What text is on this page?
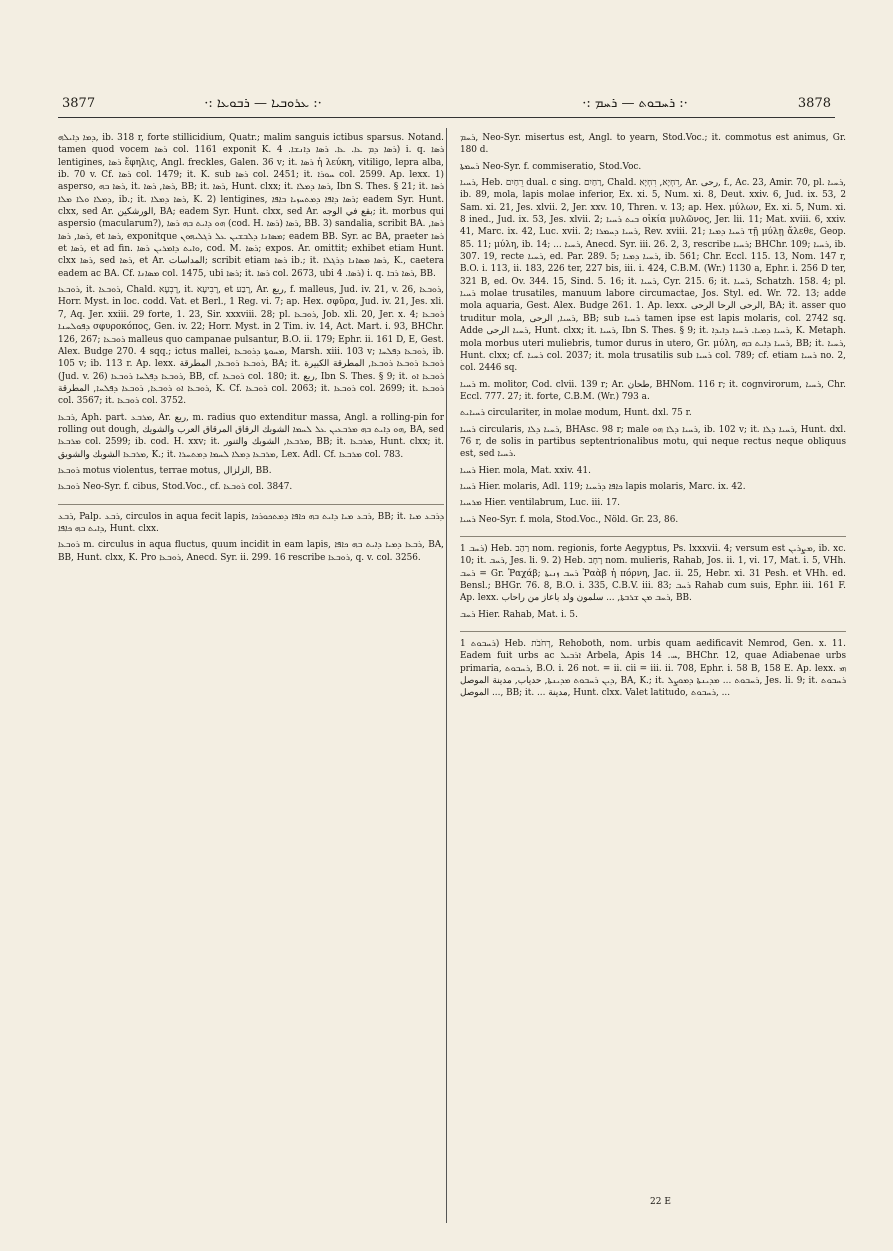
3877	·: ܥܪܘܒܝܐ — ܪܒܘܥܐ :·	·: ܪܚܒܘܬ — ܪܚܡ :·	3878

ܕܡܐ ܕܐܝܠܗ, ib. 318 r, forte stillicidium, Quatr.; malim sanguis ictibus sparsus. Notand. tamen quod vocem ܪܣܐ col. 1161 exponit K. ܪܣܐ ܕܡ ܥܐ. ܥܐ. ܪܣܐ ܕܐܢܫܐ. 4) i. q. ܪܣܐ lentigines, ܪܣܐ ἔφηλις, Angl. freckles, Galen. 36 v; it. ܪܣܐ ἡ λεύκη, vitiligo, lepra alba, ib. 70 v. Cf. ܪܣܐ col. 1479; it. K. sub ܪܣܐ col. 2451; it. ܚܘܪܐ col. 2599. Ap. lexx. 1) asperso, ܪܣܐ ܒܗ, it. ܪܣܐ, ܪܣܐ, BB; it. ܪܣܐ, Hunt. clxx; it. ܪܣܐ ܕܡܠܐ, Ibn S. Thes. § 21; it. ܪܣܐ ܕܡܠܐ ܘܠܐ ܡܠܐ, ib.; it. ܪܣܐ ܕܡܠܐ, K. 2) lentigines, ܪܣܐ ܕܐܦܐ ܕܡܬܚܙܝܐ ܒܐܦܐ; eadem Syr. Hunt. clxx, sed Ar. الورشكين, BA; eadem Syr. Hunt. clxx, sed Ar. بقع في الوجه; it. morbus qui aspersio (macularum?), ܗܘ ܕܐܝܬ ܒܗ ܪܣܐ (cod. H. ܪܣܐ) ܪܣܐ, BB. 3) sandalia, scribit BA. ܪܣܐ, ܪܣܐ, ܪܣܐ, et ܪܣܐ, exponitque ܡܣܐܢܐ ܕܠܒܫܝܢ ܥܠ ܪܓܠܝܗܘܢ; eadem BB. Syr. ac BA, praeter ܪܣܐ et ܪܣܐ, et ad fin. ܘܐܝܬ ܕܐܡܪܝܢ ܪܣܐ, cod. M. ܪܣܐ; expos. Ar. omittit; exhibet etiam Hunt. clxx ܪܣܐ, sed ܪܣܐ, et Ar. المداسات; scribit etiam ܪܣܐ ib.; it. ܪܣܐ ܡܣܐܢܐ ܕܪܓܠܐ, K., caetera eadem ac BA. Cf. ܡܣܐܢܐ col. 1475, ubi ܪܣܐ; it. ܪܣܐ col. 2673, ubi ܪܣܐ. 4) i. q. ܪܣܐ ܪܒܐ, BB.

ܪܘܒܥܐ, it. ܪܘܒܥܐ, Chald. רָבְעָא, it. רָבִיעָא, et רָבַע, Ar. ربع, f. malleus, Jud. iv. 21, v. 26, ܪܘܒܥܐ, Horr. Myst. in loc. codd. Vat. et Berl., 1 Reg. vi. 7; ap. Hex. σφῦρα, Jud. iv. 21, Jes. xli. 7, Aq. Jer. xxiii. 29 forte, 1. 23, Sir. xxxviii. 28; pl. ܪܘܒܥܐ, Job. xli. 20, Jer. x. 4; ܪܘܒܥܐ ܕܦܘܠܚܢܐ σφυροκόπος, Gen. iv. 22; Horr. Myst. in 2 Tim. iv. 14, Act. Mart. i. 93, BHChr. 126, 267; ܪܘܒܥܐ malleus quo campanae pulsantur, B.O. ii. 179; Ephr. ii. 161 D, E, Gest. Alex. Budge 270. 4 sqq.; ictus mallei, ܡܚܘܬܐ ܕܪܘܒܥܐ, Marsh. xiii. 103 v; ܪܘܒܥܐ ܕܦܠܚܐ, ib. 105 v; ib. 113 r. Ap. lexx. ܪܘܒܥܐ ܪܘܒܥܐ, المطرقة, BA; it. ܪܘܒܥܐ ܪܘܒܥܐ ܪܘܒܥܐ, المطرقة الكبيرة (Jud. v. 26) ܪܘܒܥܐ ܕܦܠܚܐ ܪܘܒܥܐ, BB, cf. ܪܘܒܥܐ col. 180; it. ربع, Ibn S. Thes. § 9; it. ܪܘܒܥܐ ܐܘ ܪܘܒܥܐ ܐܘ ܪܘܒܥܐ, ܪܘܒܥܐ ܕܦܠܚܐ, المطرقة, K. Cf. ܪܘܒܥܐ col. 2063; it. ܪܘܒܥܐ col. 2699; it. ܪܘܒܥܐ col. 3567; it. ܪܘܒܥܐ col. 3752.

ܪܒܥܐ, Aph. part. ܡܪܒܥ, Ar. ربع, m. radius quo extenditur massa, Angl. a rolling-pin for rolling out dough, ܗܘ ܕܐܝܬ ܒܗ ܡܪܒܥܝܢ ܥܠ ܠܚܡܐ الشوبك الرقاق المرقاق العرب والشويك, BA, sed ܡܪܒܥܐ col. 2599; ib. cod. H. xxv; it. ܡܪܒܥܐ, الشوبك والتنور, BB; it. ܡܪܒܥܐ, Hunt. clxx; it. ܡܪܒܥܐ الشوبك والشويق, K.; it. ܡܪܒܥܐ ܕܡܠܐ ܠܚܡܐ ܕܡܬܚܪܐ, Lex. Adl. Cf. ܡܪܒܥܐ col. 783.

ܪܘܒܥܐ motus violentus, terrae motus, الزلزال, BB.

ܪܘܒܥܐ Neo-Syr. f. cibus, Stod.Voc., cf. ܪܘܒܥܐ col. 3847.

ܪܒܥ, Palp. ܪܒܥ, circulos in aqua fecit lapis, ܪܒܥ ܡܝܐ ܕܐܝܬ ܒܗ ܟܐܦܐ ܕܡܬܟܘܪܟܐ, BB; it. ܕܪܒܥ ܡܝܐ ܕܐܝܬ ܒܗ ܟܐܦܐ, Hunt. clxx.

ܪܘܒܥܐ m. circulus in aqua fluctus, quum incidit in eam lapis, ܪܒܥܐ ܕܡܝܐ ܕܐܝܬ ܒܗ ܟܐܦܐ, BA, BB, Hunt. clxx, K. Pro ܪܘܒܥܐ, Anecd. Syr. ii. 299. 16 rescribe ܪܘܒܥܐ, q. v. col. 3256.

ܪܚܡ, Neo-Syr. misertus est, Angl. to yearn, Stod.Voc.; it. commotus est animus, Gr. 180 d.

ܪܚܡܬܐ Neo-Syr. f. commiseratio, Stod.Voc.

ܪܚܝܐ, Heb. רֵחַיִם dual. c sing. רַחַיִם, Chald. רֵחְיָא, רִחְיָא, Ar. رحى, f., Ac. 23, Amir. 70, pl. ܪܚܝܐ, ib. 89, mola, lapis molae inferior, Ex. xi. 5, Num. xi. 8, Deut. xxiv. 6, Jud. ix. 53, 2 Sam. xi. 21, Jes. xlvii. 2, Jer. xxv. 10, Thren. v. 13; ap. Hex. μύλων, Ex. xi. 5, Num. xi. 8 ined., Jud. ix. 53, Jes. xlvii. 2; ܒܝܬ ܪܚܝܐ οἰκία μυλῶνος, Jer. lii. 11; Mat. xviii. 6, xxiv. 41, Marc. ix. 42, Luc. xvii. 2; ܪܚܝܐ ܕܚܡܪܐ, Rev. xviii. 21; ܪܚܝܐ ܕܡܝܐ τῇ μύλῃ ἄλεθε, Geop. 85. 11; μύλη, ib. 14; ... ܪܚܝܐ, Anecd. Syr. iii. 26. 2, 3, rescribe ܪܚܝܐ; BHChr. 109; ܪܚܝܐ, ib. 307. 19, recte ܪܚܝܐ, ed. Par. 289. 5; ܪܚܝܐ ܕܡܝܐ, ib. 561; Chr. Eccl. 115. 13, Nom. 147 r, B.O. i. 113, ii. 183, 226 ter, 227 bis, iii. i. 424, C.B.M. (Wr.) 1130 a, Ephr. i. 256 D ter, 321 B, ed. Ov. 344. 15, Sind. 5. 16; it. ܪܚܝܐ, Cyr. 215. 6; it. ܪܚܝܐ, Schatzh. 158. 4; pl. ܪܚܝܐ molae trusatiles, manuum labore circumactae, Jos. Styl. ed. Wr. 72. 13; adde mola aquaria, Gest. Alex. Budge 261. 1. Ap. lexx. الرحى الرحا الرحى, BA; it. asser quo truditur mola, ܪܚܝܐ, الرحى, BB; sub ܪܚܝܐ tamen ipse est lapis molaris, col. 2742 sq. Adde ܪܚܝܐ الرحى, Hunt. clxx; it. ܪܚܝܐ, Ibn S. Thes. § 9; it. ܪܚܝܐ ܕܡܝܐ. ܪܚܝܐ ܕܐܝܕܐ, K. Metaph. mola morbus uteri muliebris, tumor durus in utero, Gr. μύλη, ܪܚܝܐ ܕܐܝܬ ܒܗ, BB; it. ܪܚܝܐ, Hunt. clxx; cf. ܪܚܝܐ col. 2037; it. mola trusatilis sub ܪܚܝܐ col. 789; cf. etiam ܪܚܝܐ no. 2, col. 2446 sq.

ܪܚܝܐ m. molitor, Cod. clvii. 139 r; Ar. طحان, BHNom. 116 r; it. cognvirorum, ܪܚܝܐ, Chr. Eccl. 777. 27; it. forte, C.B.M. (Wr.) 793 a.

ܪܚܝܐܝܬ circulariter, in molae modum, Hunt. dxl. 75 r.

ܪܚܝܐ circularis, ܪܚܝܐ ܕܠܐ, BHAsc. 98 r; male ܪܚܝܐ ܕܠܐ ܗܘ, ib. 102 v; it. ܪܚܝܐ ܕܠܐ, Hunt. dxl. 76 r, de solis in partibus septentrionalibus motu, qui neque rectus neque obliquus est, sed ܪܚܝܐ.

ܪܚܝܐ Hier. mola, Mat. xxiv. 41.

ܪܚܝܐ Hier. molaris, Adl. 119; ܟܐܦܐ ܕܪܚܝܐ lapis molaris, Marc. ix. 42.

ܡܪܚܝܐ Hier. ventilabrum, Luc. iii. 17.

ܪܚܝܐ Neo-Syr. f. mola, Stod.Voc., Nöld. Gr. 23, 86.

ܪܚܒ 1) Heb. רַהַב nom. regionis, forte Aegyptus, Ps. lxxxvii. 4; versum est ܡܨܪܝܢ, ib. xc. 10; it. ܪܚܒ, Jes. li. 9. 2) Heb. רָחָב nom. mulieris, Rahab, Jos. ii. 1, vi. 17, Mat. i. 5, VHh. ܪܚܒ = Gr. Ῥαχάβ; ܪܚܒ ܙܢܝܬܐ Ῥαὰβ ἡ πόρνη, Jac. ii. 25, Hebr. xi. 31 Pesh. et VHh. ed. Bensl.; BHGr. 76. 8, B.O. i. 335, C.B.V. iii. 83; ܪܚܒ Rahab cum suis, Ephr. iii. 161 F. Ap. lexx. ܪܚܒ ܡܢ ܫܪܒܬܐ, ... سلمون ولد باعاز من راحاب, BB.

ܪܚܒ Hier. Rahab, Mat. i. 5.

ܪܚܒܘܬ 1) Heb. רְחֹבֹת, Rehoboth, nom. urbis quam aedificavit Nemrod, Gen. x. 11. Eadem fuit urbs ac ܐܪܒܝܠ Arbela, Apis ܚ. 14, BHChr. 12, quae Adiabenae urbs primaria, ܪܚܒܘܬ, B.O. i. 26 not. = ii. cii = iii. ii. 708, Ephr. i. 58 B, 158 E. Ap. lexx. ܗܝ ܕܝܢ ܪܚܒܘܬ ܡܕܝܢܬܐ, حدياب, مدينة الموصل, BA, K.; it. ܪܚܒܘܬ ... ܡܕܝܢܬܐ ܕܡܘܨܠ, Jes. li. 9; it. ܪܚܒܘܬ ... الموصل, BB; it. ... مدينة, Hunt. clxx. Valet latitudo, ܪܚܒܘܬ, ...

22 E
